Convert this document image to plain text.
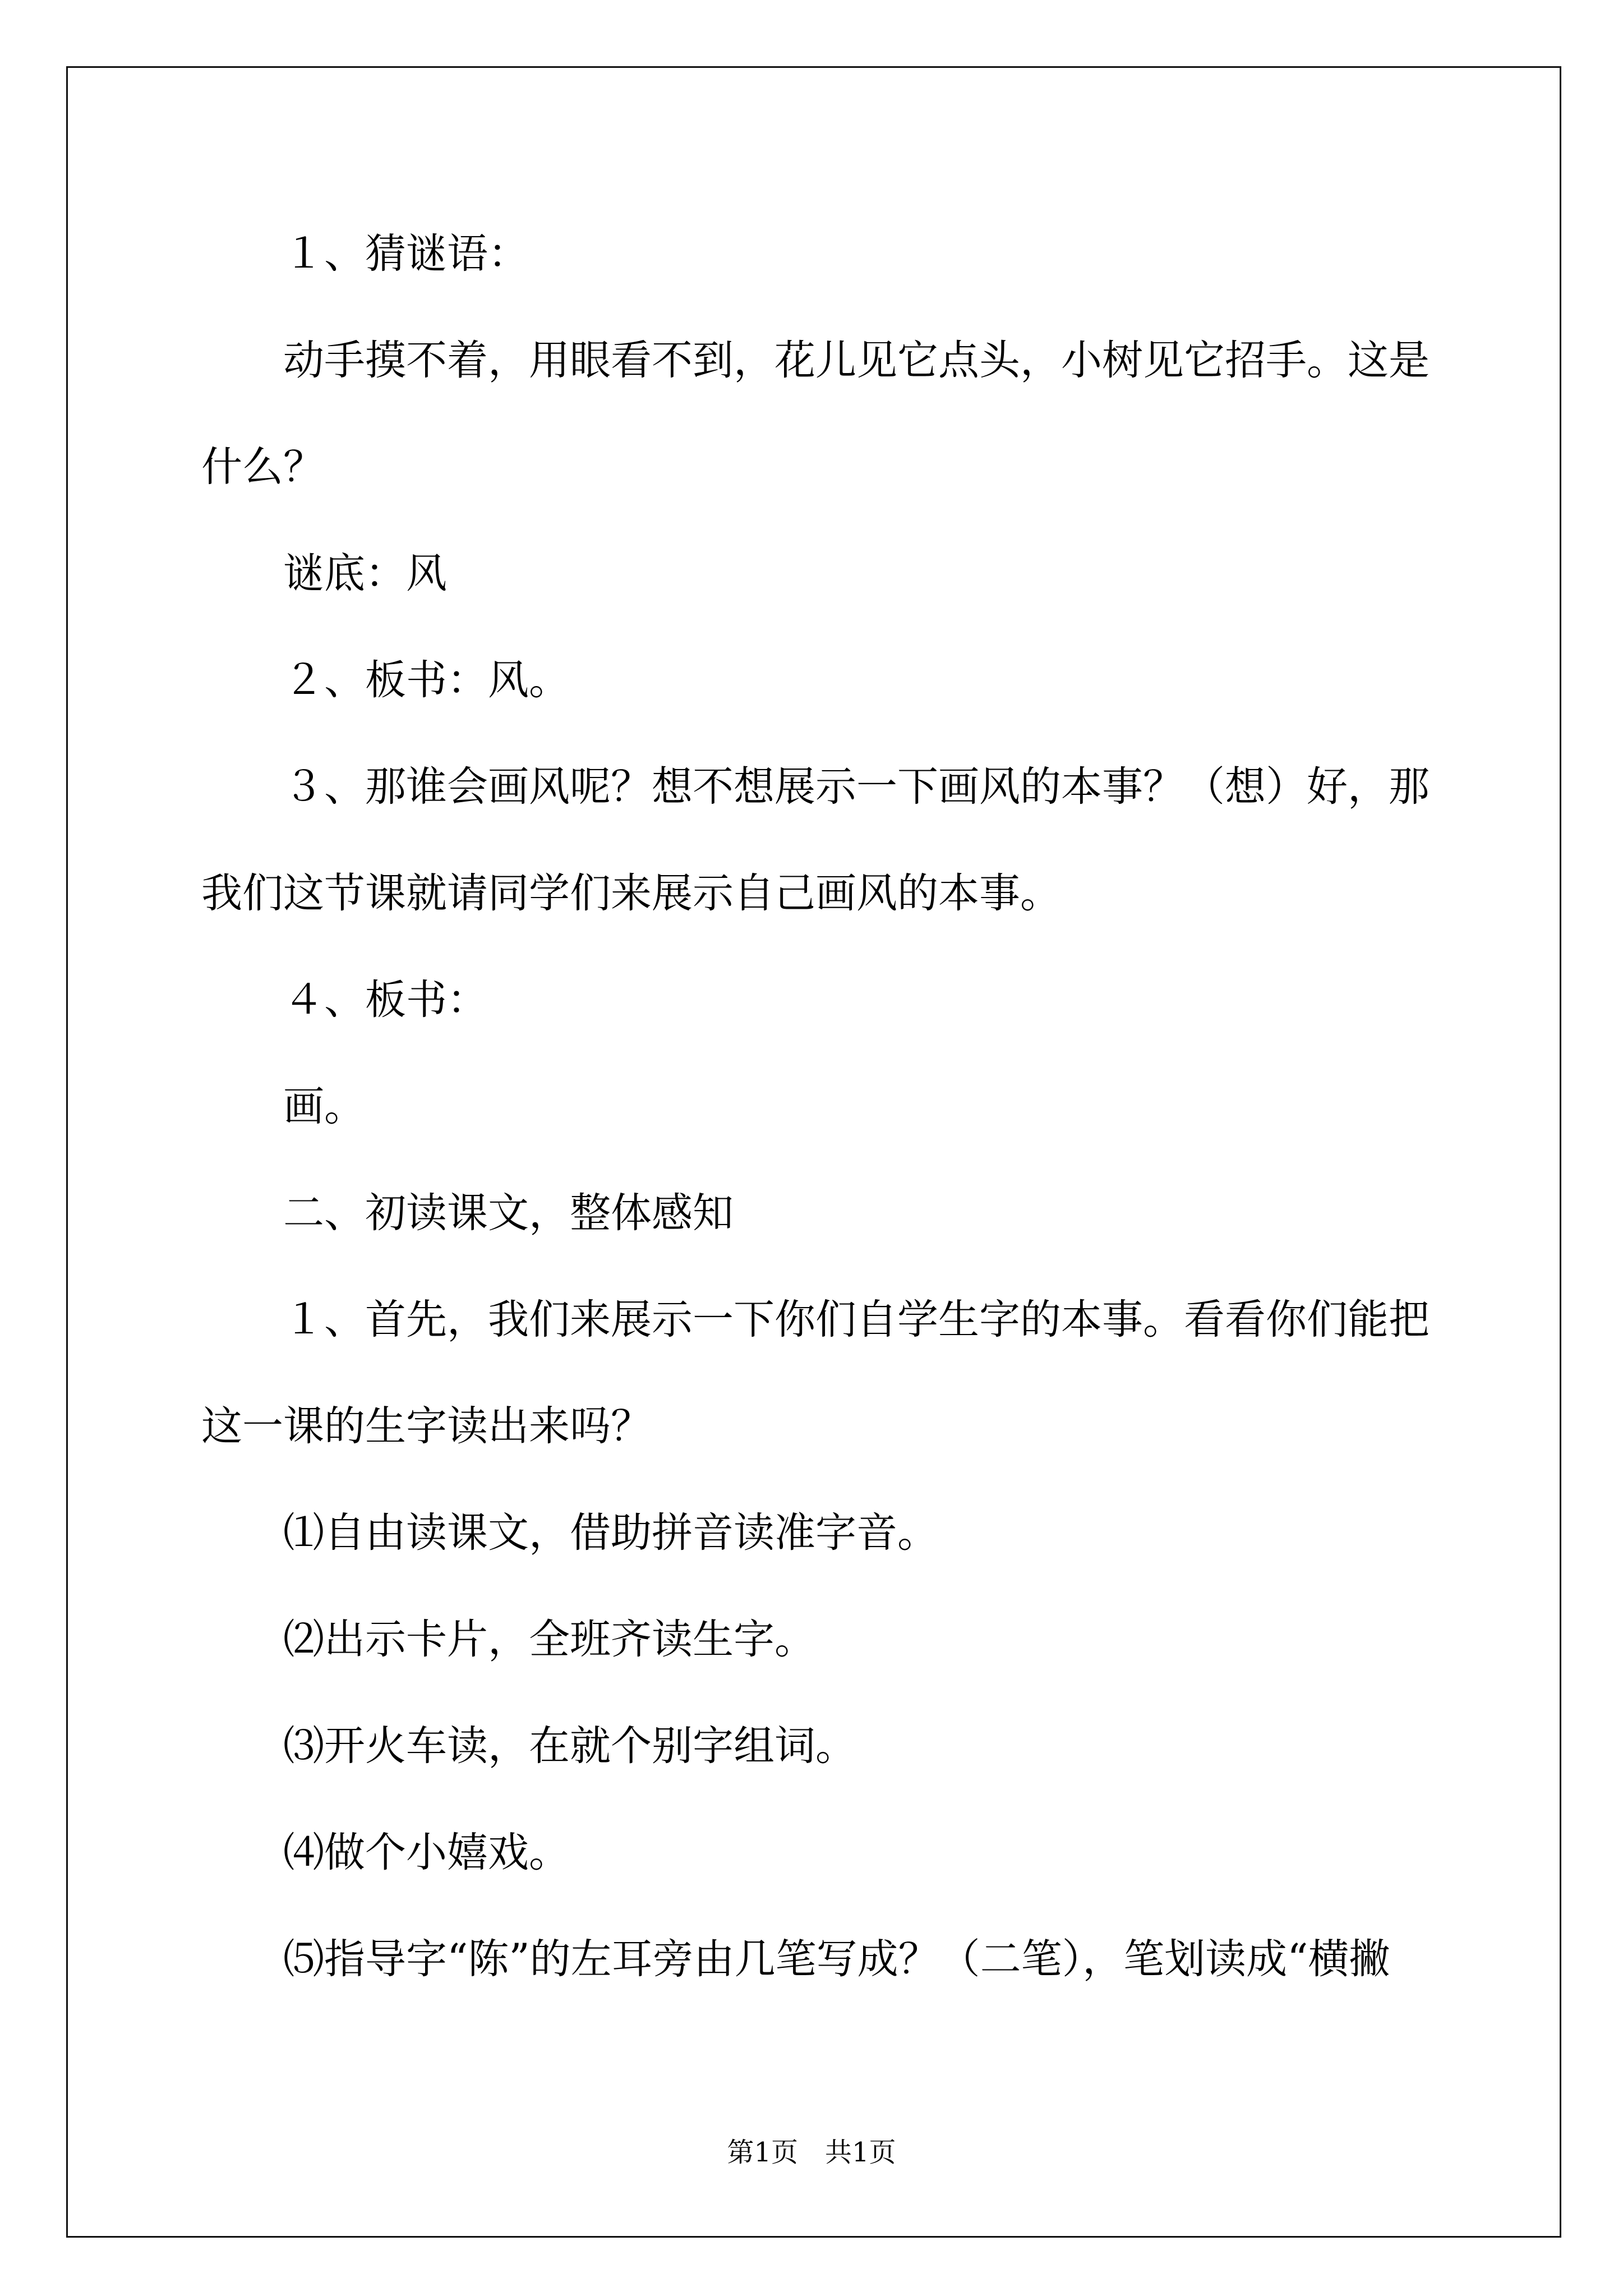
１、猜谜语：
动手摸不着，用眼看不到，花儿见它点头，小树见它招手。这是
什么？
谜底：风
２、板书：风。
３、那谁会画风呢？想不想展示一下画风的本事？（想）好，那
我们这节课就请同学们来展示自己画风的本事。
４、板书：
画。
二、初读课文，整体感知
１、首先，我们来展示一下你们自学生字的本事。看看你们能把
这一课的生字读出来吗？
⑴自由读课文，借助拼音读准字音。
⑵出示卡片，全班齐读生字。
⑶开火车读，在就个别字组词。
⑷做个小嬉戏。
⑸指导字“陈”的左耳旁由几笔写成？（二笔），笔划读成“横撇
第1页　共1页
